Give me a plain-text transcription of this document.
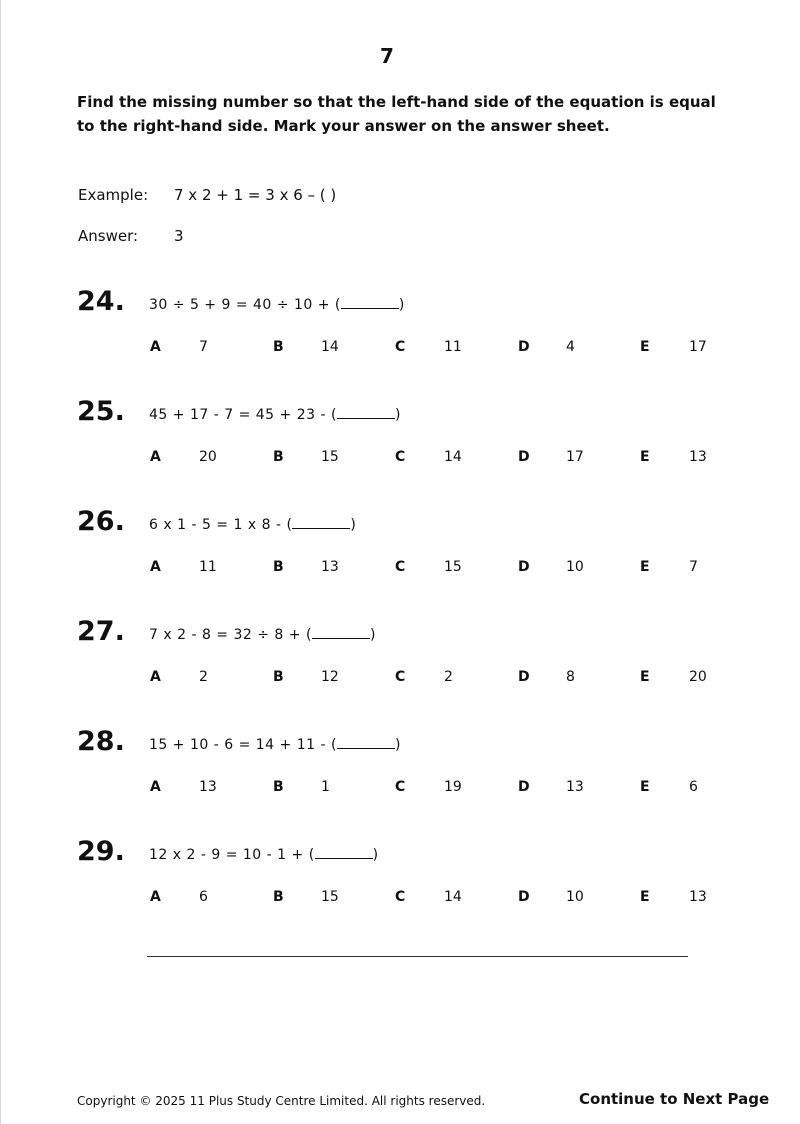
7
Find the missing number so that the left-hand side of the equation is equal to the right-hand side. Mark your answer on the answer sheet.
Example: 7 x 2 + 1 = 3 x 6 – ( )
Answer: 3
24. 30 ÷ 5 + 9 = 40 ÷ 10 + (	)
A	7	B	14	C	11	D	4	E	17
25. 45 + 17 - 7 = 45 + 23 - (	)
A	20	B	15	C	14	D	17	E	13
26. 6 x 1 - 5 = 1 x 8 - (	)
A	11	B	13	C	15	D	10	E	7
27. 7 x 2 - 8 = 32 ÷ 8 + (	)
A	2	B	12	C	2	D	8	E	20
28. 15 + 10 - 6 = 14 + 11 - (	)
A	13	B	1	C	19	D	13	E	6
29. 12 x 2 - 9 = 10 - 1 + (	)
A	6	B	15	C	14	D	10	E	13
Copyright © 2025 11 Plus Study Centre Limited. All rights reserved.	Continue to Next Page
